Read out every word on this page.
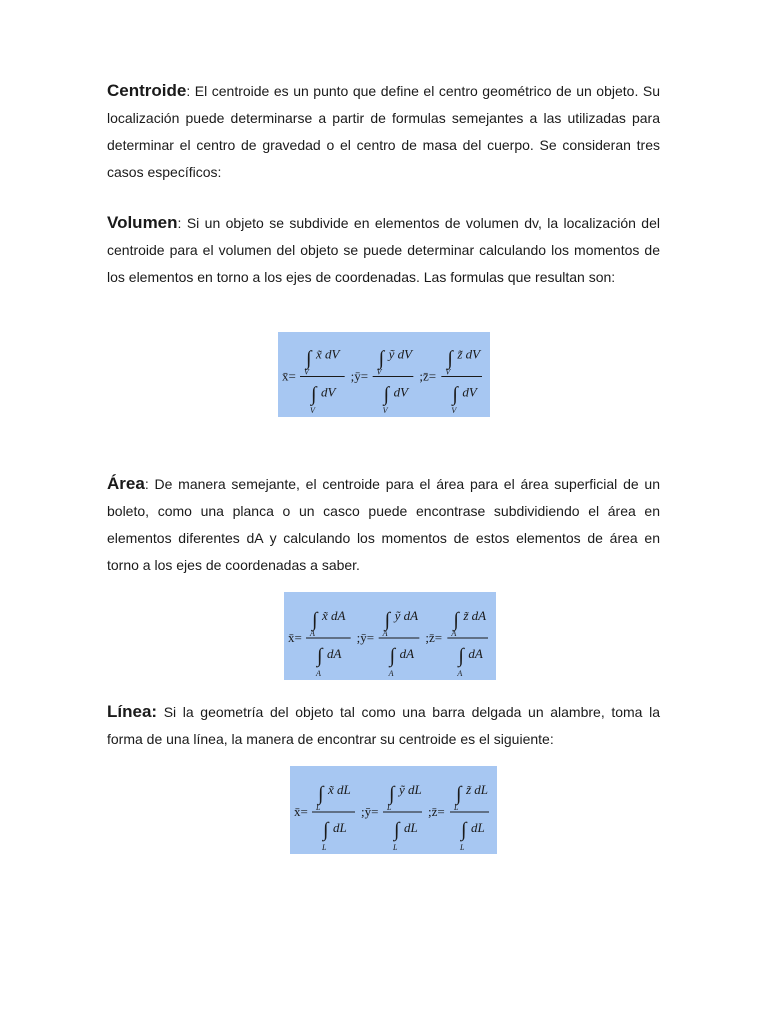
Centroide: El centroide es un punto que define el centro geométrico de un objeto. Su localización puede determinarse a partir de formulas semejantes a las utilizadas para determinar el centro de gravedad o el centro de masa del cuerpo. Se consideran tres casos específicos:

Volumen: Si un objeto se subdivide en elementos de volumen dv, la localización del centroide para el volumen del objeto se puede determinar calculando los momentos de los elementos en torno a los ejes de coordenadas. Las formulas que resultan son:

x̄=
∫ x̃ dV
V
∫ dV
V
;ȳ=
∫ ỹ dV
V
∫ dV
V
;z̄=
∫ z̃ dV
V
∫ dV
V

Área: De manera semejante, el centroide para el área para el área superficial de un boleto, como una planca o un casco puede encontrase subdividiendo el área en elementos diferentes dA y calculando los momentos de estos elementos de área en torno a los ejes de coordenadas a saber.

x̄=
∫ x̃ dA
A
∫ dA
A
;ȳ=
∫ ỹ dA
A
∫ dA
A
;z̄=
∫ z̃ dA
A
∫ dA
A

Línea: Si la geometría del objeto tal como una barra delgada un alambre, toma la forma de una línea, la manera de encontrar su centroide es el siguiente:

x̄=
∫ x̃ dL
L
∫ dL
L
;ȳ=
∫ ỹ dL
L
∫ dL
L
;z̄=
∫ z̃ dL
L
∫ dL
L
